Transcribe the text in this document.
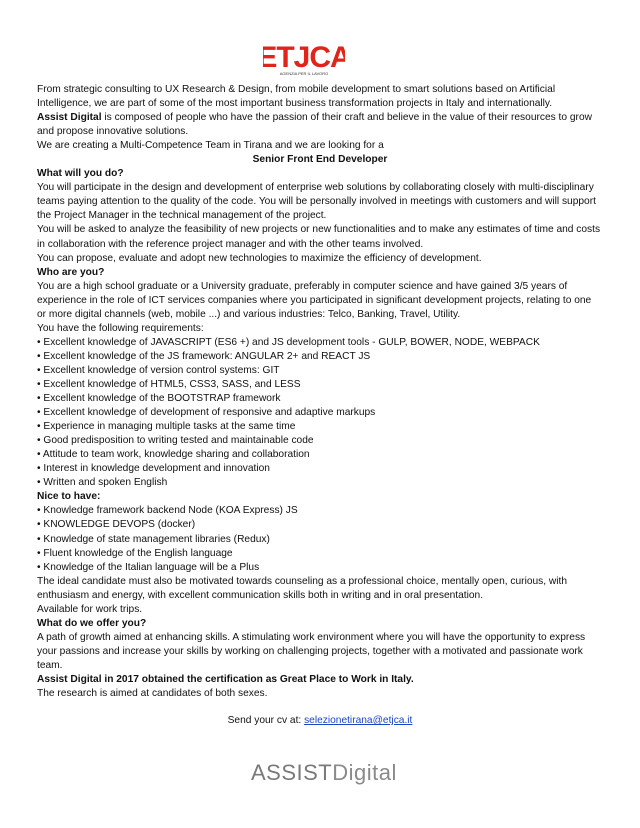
ETJCA
AGENZIA PER IL LAVORO

From strategic consulting to UX Research & Design, from mobile development to smart solutions based on Artificial Intelligence, we are part of some of the most important business transformation projects in Italy and internationally.

Assist Digital is composed of people who have the passion of their craft and believe in the value of their resources to grow and propose innovative solutions.

We are creating a Multi-Competence Team in Tirana and we are looking for a

Senior Front End Developer

What will you do?

You will participate in the design and development of enterprise web solutions by collaborating closely with multi-disciplinary teams paying attention to the quality of the code. You will be personally involved in meetings with customers and will support the Project Manager in the technical management of the project.

You will be asked to analyze the feasibility of new projects or new functionalities and to make any estimates of time and costs in collaboration with the reference project manager and with the other teams involved.

You can propose, evaluate and adopt new technologies to maximize the efficiency of development.

Who are you?

You are a high school graduate or a University graduate, preferably in computer science and have gained 3/5 years of experience in the role of ICT services companies where you participated in significant development projects, relating to one or more digital channels (web, mobile ...) and various industries: Telco, Banking, Travel, Utility.

You have the following requirements:

• Excellent knowledge of JAVASCRIPT (ES6 +) and JS development tools - GULP, BOWER, NODE, WEBPACK
• Excellent knowledge of the JS framework: ANGULAR 2+ and REACT JS
• Excellent knowledge of version control systems: GIT
• Excellent knowledge of HTML5, CSS3, SASS, and LESS
• Excellent knowledge of the BOOTSTRAP framework
• Excellent knowledge of development of responsive and adaptive markups
• Experience in managing multiple tasks at the same time
• Good predisposition to writing tested and maintainable code
• Attitude to team work, knowledge sharing and collaboration
• Interest in knowledge development and innovation
• Written and spoken English

Nice to have:

• Knowledge framework backend Node (KOA Express) JS
• KNOWLEDGE DEVOPS (docker)
• Knowledge of state management libraries (Redux)
• Fluent knowledge of the English language
• Knowledge of the Italian language will be a Plus

The ideal candidate must also be motivated towards counseling as a professional choice, mentally open, curious, with enthusiasm and energy, with excellent communication skills both in writing and in oral presentation.

Available for work trips.

What do we offer you?

A path of growth aimed at enhancing skills. A stimulating work environment where you will have the opportunity to express your passions and increase your skills by working on challenging projects, together with a motivated and passionate work team.

Assist Digital in 2017 obtained the certification as Great Place to Work in Italy.

The research is aimed at candidates of both sexes.

Send your cv at: selezionetirana@etjca.it
ASSISTDigital
